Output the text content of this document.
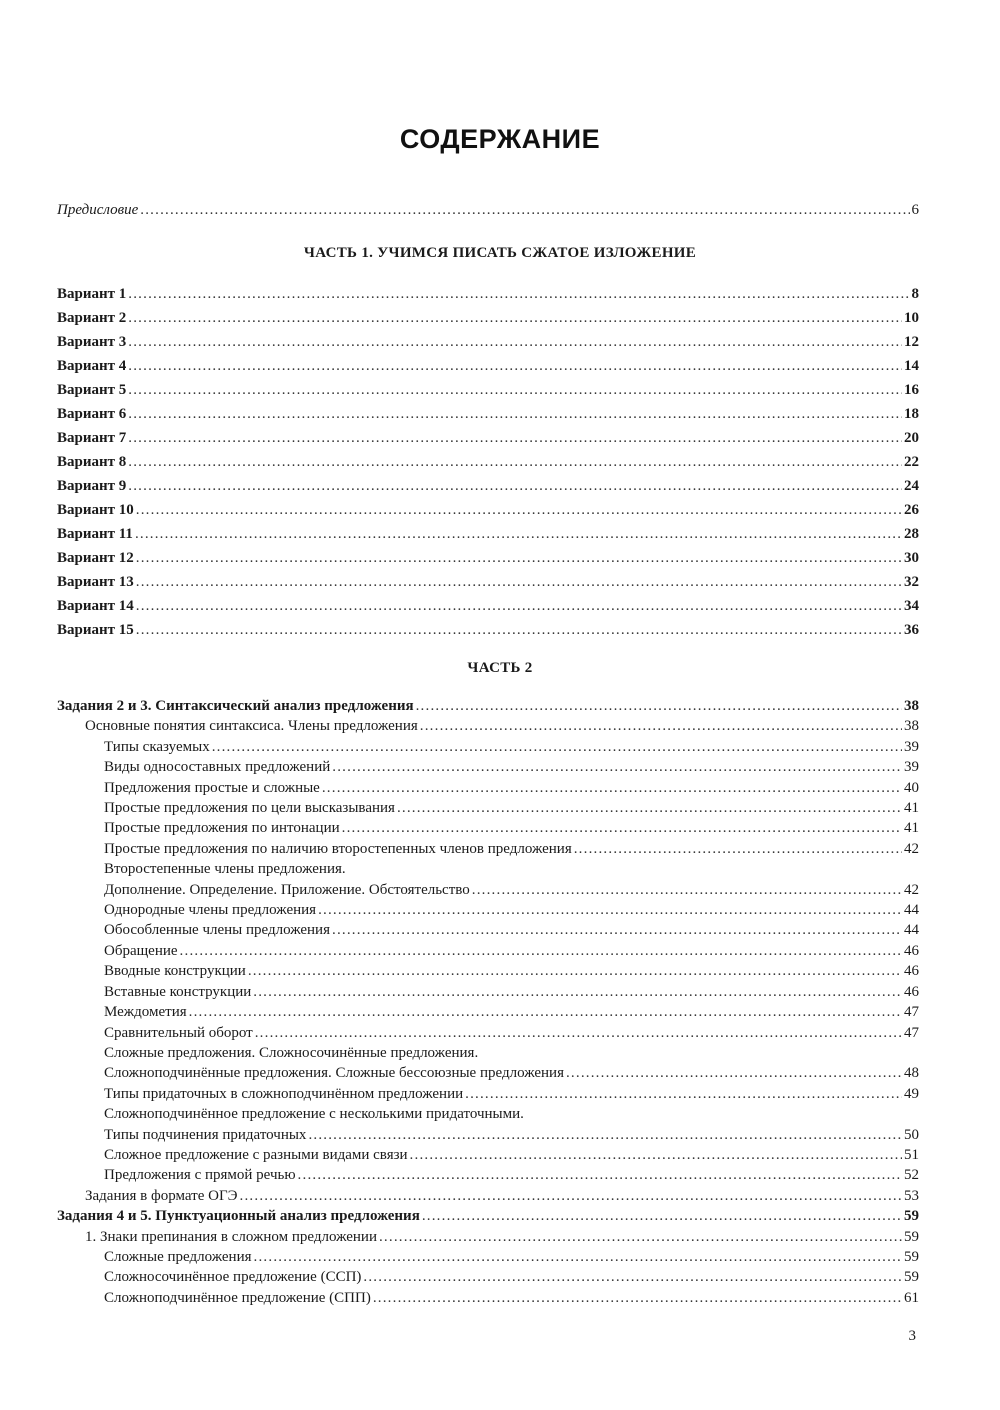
СОДЕРЖАНИЕ
Предисловие .....	6
ЧАСТЬ 1. УЧИМСЯ ПИСАТЬ СЖАТОЕ ИЗЛОЖЕНИЕ
Вариант 1 .....	8
Вариант 2 .....	10
Вариант 3 .....	12
Вариант 4 .....	14
Вариант 5 .....	16
Вариант 6 .....	18
Вариант 7 .....	20
Вариант 8 .....	22
Вариант 9 .....	24
Вариант 10 .....	26
Вариант 11 .....	28
Вариант 12 .....	30
Вариант 13 .....	32
Вариант 14 .....	34
Вариант 15 .....	36
ЧАСТЬ 2
Задания 2 и 3. Синтаксический анализ предложения .....	38
Основные понятия синтаксиса. Члены предложения .....	38
Типы сказуемых .....	39
Виды односоставных предложений .....	39
Предложения простые и сложные .....	40
Простые предложения по цели высказывания .....	41
Простые предложения по интонации .....	41
Простые предложения по наличию второстепенных членов предложения .....	42
Второстепенные члены предложения.
Дополнение. Определение. Приложение. Обстоятельство .....	42
Однородные члены предложения .....	44
Обособленные члены предложения .....	44
Обращение .....	46
Вводные конструкции .....	46
Вставные конструкции .....	46
Междометия .....	47
Сравнительный оборот .....	47
Сложные предложения. Сложносочинённые предложения.
Сложноподчинённые предложения. Сложные бессоюзные предложения .....	48
Типы придаточных в сложноподчинённом предложении .....	49
Сложноподчинённое предложение с несколькими придаточными.
Типы подчинения придаточных .....	50
Сложное предложение с разными видами связи .....	51
Предложения с прямой речью .....	52
Задания в формате ОГЭ .....	53
Задания 4 и 5. Пунктуационный анализ предложения .....	59
1. Знаки препинания в сложном предложении .....	59
Сложные предложения .....	59
Сложносочинённое предложение (ССП) .....	59
Сложноподчинённое предложение (СПП) .....	61
3
